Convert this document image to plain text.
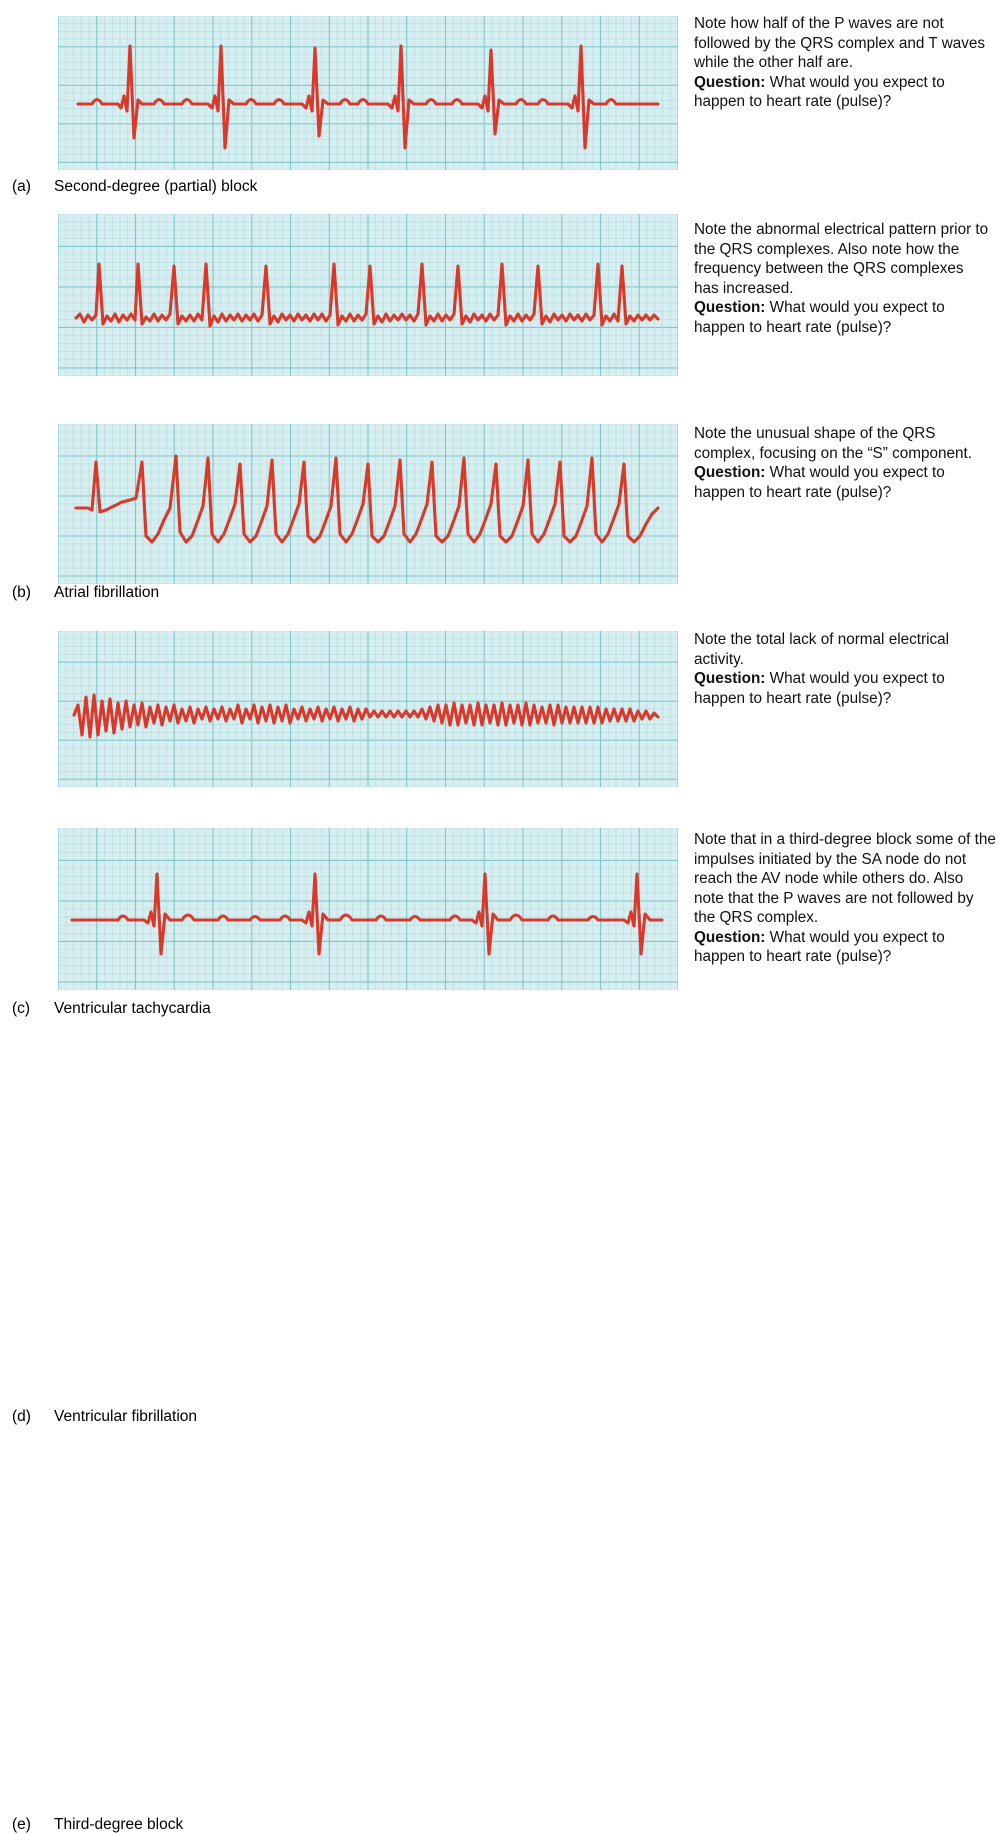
(a) Second-degree (partial) block
Note how half of the P waves are not followed by the QRS complex and T waves while the other half are.
Question: What would you expect to happen to heart rate (pulse)?
(b) Atrial fibrillation
Note the abnormal electrical pattern prior to the QRS complexes. Also note how the frequency between the QRS complexes has increased.
Question: What would you expect to happen to heart rate (pulse)?
(c) Ventricular tachycardia
Note the unusual shape of the QRS complex, focusing on the “S” component.
Question: What would you expect to happen to heart rate (pulse)?
(d) Ventricular fibrillation
Note the total lack of normal electrical activity.
Question: What would you expect to happen to heart rate (pulse)?
(e) Third-degree block
Note that in a third-degree block some of the impulses initiated by the SA node do not reach the AV node while others do. Also note that the P waves are not followed by the QRS complex.
Question: What would you expect to happen to heart rate (pulse)?
